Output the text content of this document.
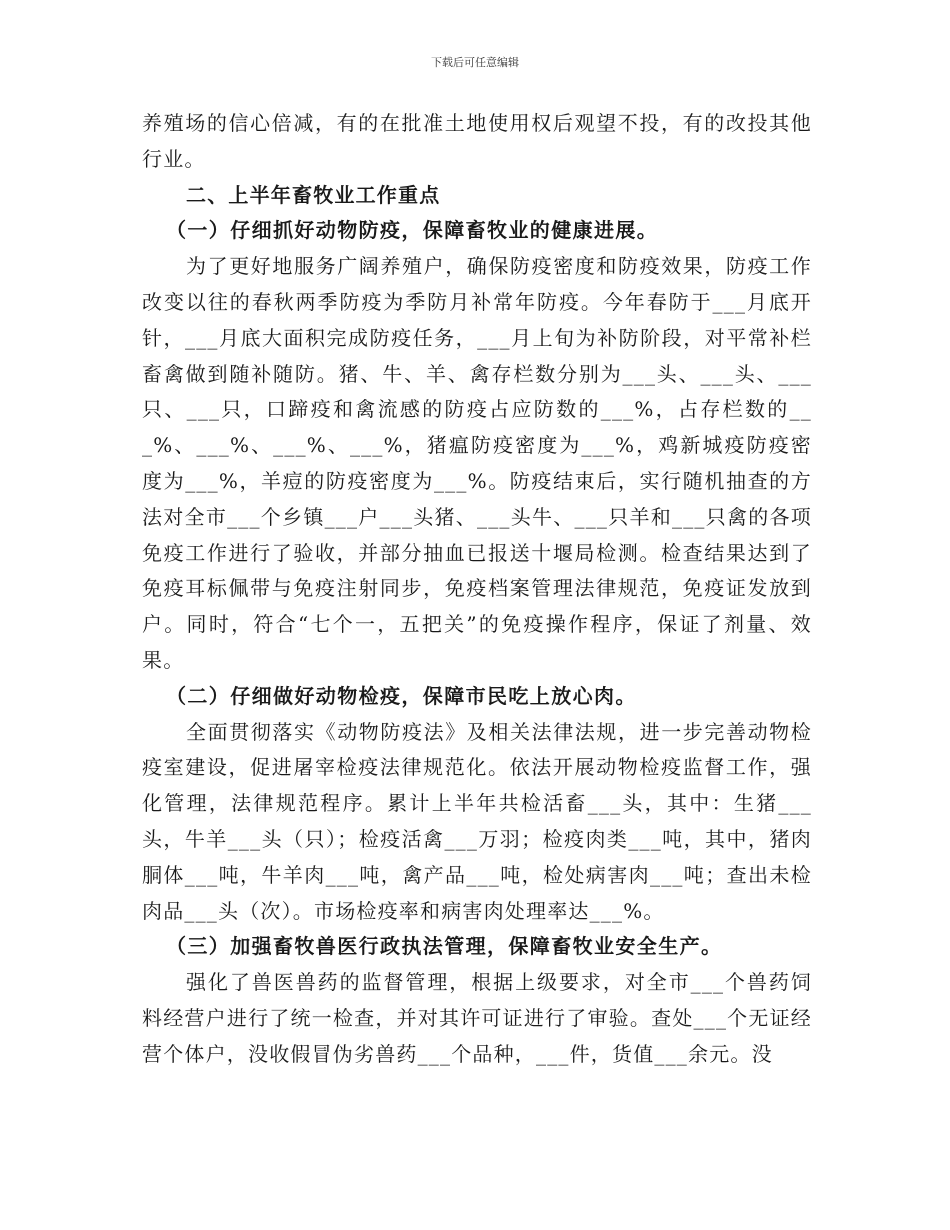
下载后可任意编辑

养殖场的信心倍减，有的在批准土地使用权后观望不投，有的改投其他行业。

二、上半年畜牧业工作重点

（一）仔细抓好动物防疫，保障畜牧业的健康进展。

为了更好地服务广阔养殖户，确保防疫密度和防疫效果，防疫工作改变以往的春秋两季防疫为季防月补常年防疫。今年春防于___月底开针，___月底大面积完成防疫任务，___月上旬为补防阶段，对平常补栏畜禽做到随补随防。猪、牛、羊、禽存栏数分别为___头、___头、___只、___只，口蹄疫和禽流感的防疫占应防数的___%，占存栏数的___%、___%、___%、___%，猪瘟防疫密度为___%，鸡新城疫防疫密度为___%，羊痘的防疫密度为___%。防疫结束后，实行随机抽查的方法对全市___个乡镇___户___头猪、___头牛、___只羊和___只禽的各项免疫工作进行了验收，并部分抽血已报送十堰局检测。检查结果达到了免疫耳标佩带与免疫注射同步，免疫档案管理法律规范，免疫证发放到户。同时，符合“七个一，五把关”的免疫操作程序，保证了剂量、效果。

（二）仔细做好动物检疫，保障市民吃上放心肉。

全面贯彻落实《动物防疫法》及相关法律法规，进一步完善动物检疫室建设，促进屠宰检疫法律规范化。依法开展动物检疫监督工作，强化管理，法律规范程序。累计上半年共检活畜___头，其中：生猪___头，牛羊___头（只）；检疫活禽___万羽；检疫肉类___吨，其中，猪肉胴体___吨，牛羊肉___吨，禽产品___吨，检处病害肉___吨；查出未检肉品___头（次）。市场检疫率和病害肉处理率达___%。

（三）加强畜牧兽医行政执法管理，保障畜牧业安全生产。

强化了兽医兽药的监督管理，根据上级要求，对全市___个兽药饲料经营户进行了统一检查，并对其许可证进行了审验。查处___个无证经营个体户，没收假冒伪劣兽药___个品种，___件，货值___余元。没
